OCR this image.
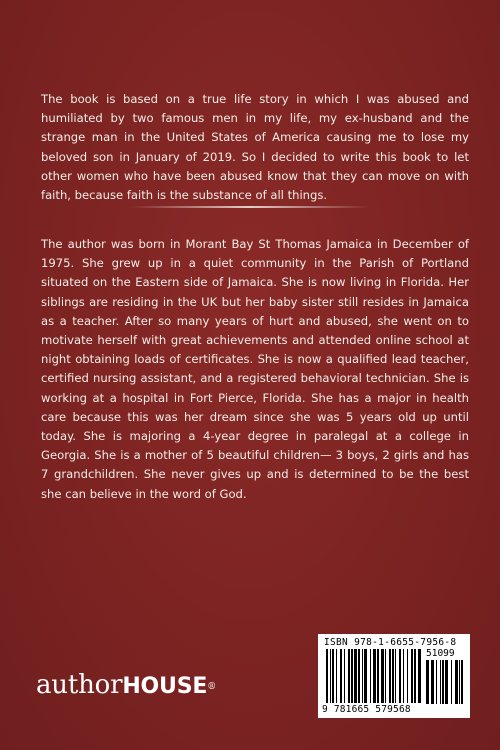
The book is based on a true life story in which I was abused and humiliated by two famous men in my life, my ex-husband and the strange man in the United States of America causing me to lose my beloved son in January of 2019. So I decided to write this book to let other women who have been abused know that they can move on with faith, because faith is the substance of all things.

The author was born in Morant Bay St Thomas Jamaica in December of 1975. She grew up in a quiet community in the Parish of Portland situated on the Eastern side of Jamaica. She is now living in Florida. Her siblings are residing in the UK but her baby sister still resides in Jamaica as a teacher. After so many years of hurt and abused, she went on to motivate herself with great achievements and attended online school at night obtaining loads of certificates. She is now a qualified lead teacher, certified nursing assistant, and a registered behavioral technician. She is working at a hospital in Fort Pierce, Florida. She has a major in health care because this was her dream since she was 5 years old up until today. She is majoring a 4-year degree in paralegal at a college in Georgia. She is a mother of 5 beautiful children— 3 boys, 2 girls and has 7 grandchildren. She never gives up and is determined to be the best she can believe in the word of God.

authorHOUSE®
ISBN 978-1-6655-7956-8
51099
9 781665 579568
